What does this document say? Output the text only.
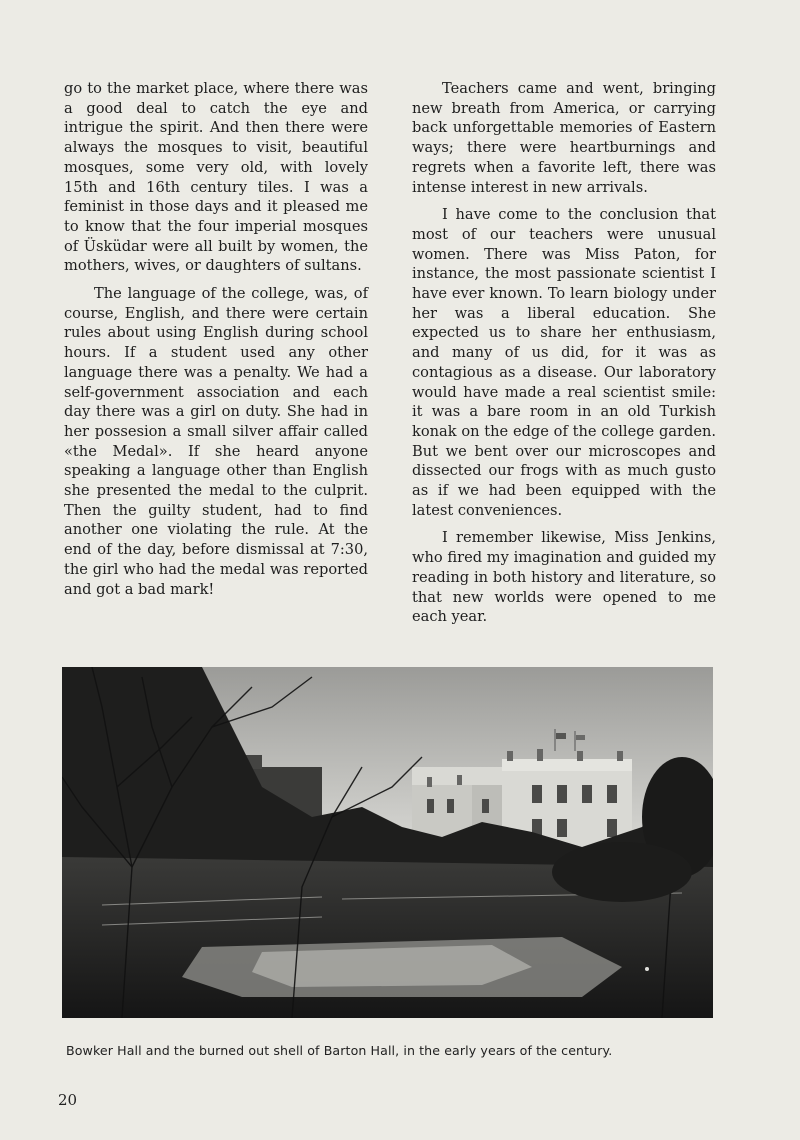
go to the market place, where there was a good deal to catch the eye and intrigue the spirit. And then there were always the mosques to visit, beautiful mosques, some very old, with lovely 15th and 16th century tiles. I was a feminist in those days and it pleased me to know that the four imperial mosques of Üsküdar were all built by women, the mothers, wives, or daughters of sultans.

The language of the college, was, of course, English, and there were certain rules about using English during school hours. If a student used any other language there was a penalty. We had a self-government association and each day there was a girl on duty. She had in her possesion a small silver affair called «the Medal». If she heard anyone speaking a language other than English she presented the medal to the culprit. Then the guilty student, had to find another one violating the rule. At the end of the day, before dismissal at 7:30, the girl who had the medal was reported and got a bad mark!

Teachers came and went, bringing new breath from America, or carrying back unforgettable memories of Eastern ways; there were heartburnings and regrets when a favorite left, there was intense interest in new arrivals.

I have come to the conclusion that most of our teachers were unusual women. There was Miss Paton, for instance, the most passionate scientist I have ever known. To learn biology under her was a liberal education. She expected us to share her enthusiasm, and many of us did, for it was as contagious as a disease. Our laboratory would have made a real scientist smile: it was a bare room in an old Turkish konak on the edge of the college garden. But we bent over our microscopes and dissected our frogs with as much gusto as if we had been equipped with the latest conveniences.

I remember likewise, Miss Jenkins, who fired my imagination and guided my reading in both history and literature, so that new worlds were opened to me each year.

Bowker Hall and the burned out shell of Barton Hall, in the early years of the century.
20
